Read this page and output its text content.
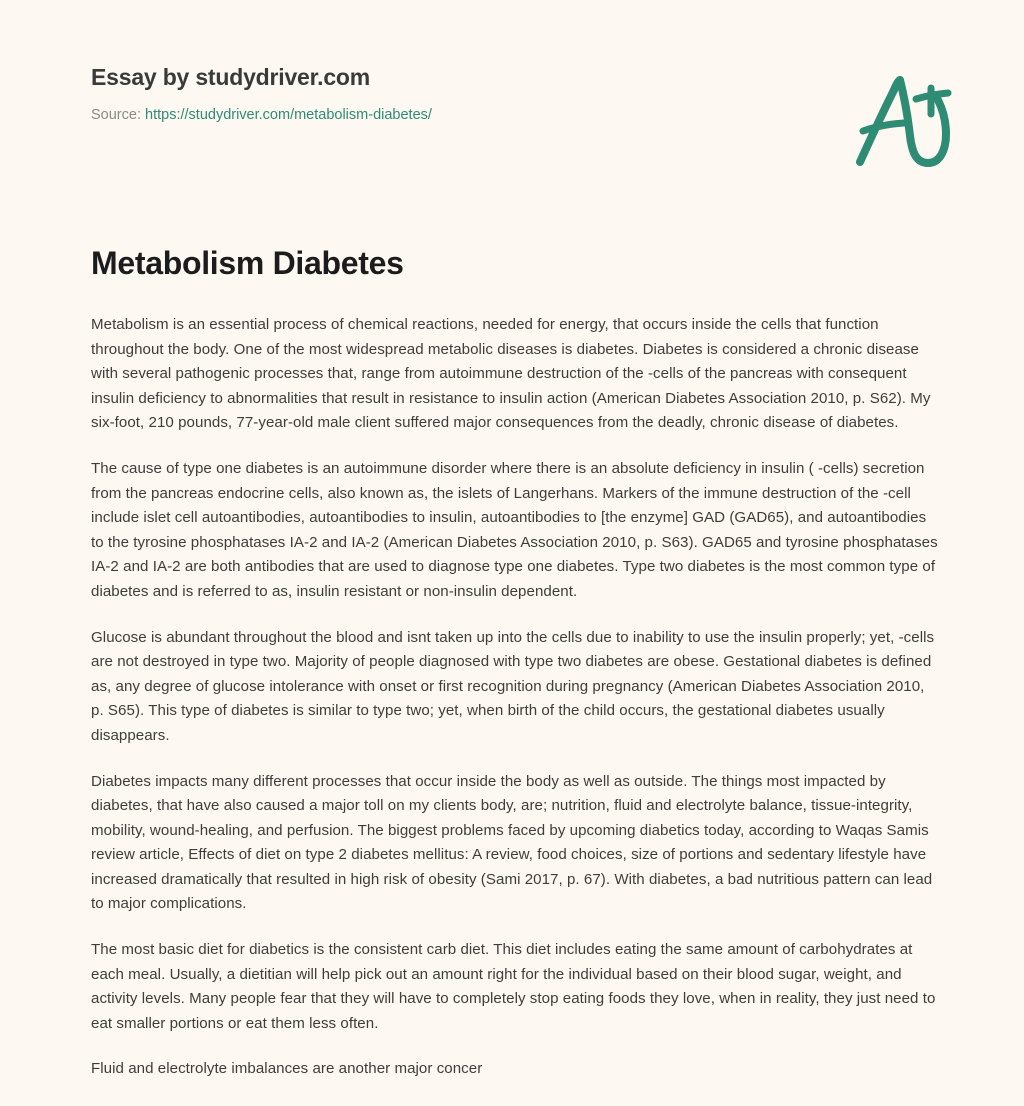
Essay by studydriver.com
Source: https://studydriver.com/metabolism-diabetes/
Metabolism Diabetes

Metabolism is an essential process of chemical reactions, needed for energy, that occurs inside the cells that function throughout the body. One of the most widespread metabolic diseases is diabetes. Diabetes is considered a chronic disease with several pathogenic processes that, range from autoimmune destruction of the -cells of the pancreas with consequent insulin deficiency to abnormalities that result in resistance to insulin action (American Diabetes Association 2010, p. S62). My six-foot, 210 pounds, 77-year-old male client suffered major consequences from the deadly, chronic disease of diabetes.

The cause of type one diabetes is an autoimmune disorder where there is an absolute deficiency in insulin ( -cells) secretion from the pancreas endocrine cells, also known as, the islets of Langerhans. Markers of the immune destruction of the -cell include islet cell autoantibodies, autoantibodies to insulin, autoantibodies to [the enzyme] GAD (GAD65), and autoantibodies to the tyrosine phosphatases IA-2 and IA-2 (American Diabetes Association 2010, p. S63). GAD65 and tyrosine phosphatases IA-2 and IA-2 are both antibodies that are used to diagnose type one diabetes. Type two diabetes is the most common type of diabetes and is referred to as, insulin resistant or non-insulin dependent.

Glucose is abundant throughout the blood and isnt taken up into the cells due to inability to use the insulin properly; yet, -cells are not destroyed in type two. Majority of people diagnosed with type two diabetes are obese. Gestational diabetes is defined as, any degree of glucose intolerance with onset or first recognition during pregnancy (American Diabetes Association 2010, p. S65). This type of diabetes is similar to type two; yet, when birth of the child occurs, the gestational diabetes usually disappears.

Diabetes impacts many different processes that occur inside the body as well as outside. The things most impacted by diabetes, that have also caused a major toll on my clients body, are; nutrition, fluid and electrolyte balance, tissue-integrity, mobility, wound-healing, and perfusion. The biggest problems faced by upcoming diabetics today, according to Waqas Samis review article, Effects of diet on type 2 diabetes mellitus: A review, food choices, size of portions and sedentary lifestyle have increased dramatically that resulted in high risk of obesity (Sami 2017, p. 67). With diabetes, a bad nutritious pattern can lead to major complications.

The most basic diet for diabetics is the consistent carb diet. This diet includes eating the same amount of carbohydrates at each meal. Usually, a dietitian will help pick out an amount right for the individual based on their blood sugar, weight, and activity levels. Many people fear that they will have to completely stop eating foods they love, when in reality, they just need to eat smaller portions or eat them less often.

Fluid and electrolyte imbalances are another major concer
